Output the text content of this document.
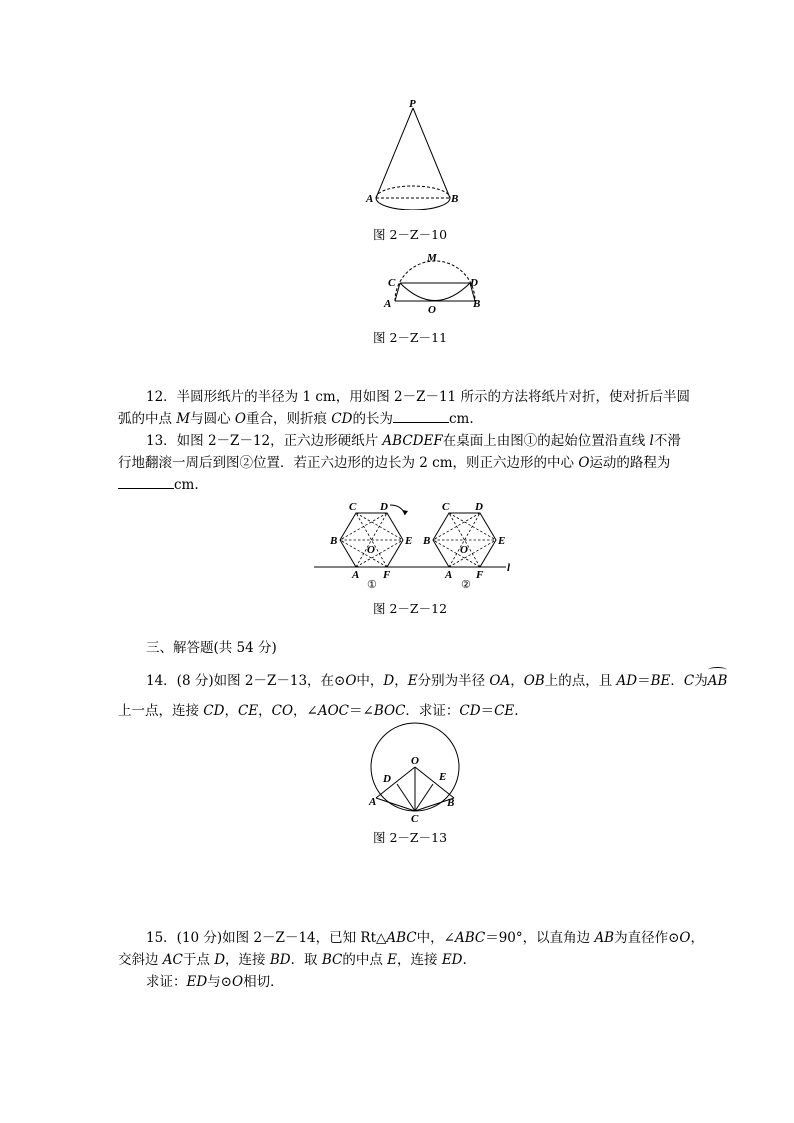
P
A	B
图 2－Z－10
M
C	D
A	O	B
图 2－Z－11
12．半圆形纸片的半径为 1 cm，用如图 2－Z－11 所示的方法将纸片对折，使对折后半圆
弧的中点 M与圆心 O重合，则折痕 CD的长为	cm.
13．如图 2－Z－12，正六边形硬纸片 ABCDEF在桌面上由图①的起始位置沿直线 l不滑
行地翻滚一周后到图②位置．若正六边形的边长为 2 cm，则正六边形的中心 O运动的路程为
cm.
C D
B	E
O
A F
①
C D
B	E
O
A F
②
l
图 2－Z－12
三、解答题(共 54 分)
14．(8 分)如图 2－Z－13，在⊙O中，D，E分别为半径 OA，OB上的点，且 AD＝BE．C为AB
上一点，连接 CD，CE，CO，∠AOC＝∠BOC．求证：CD＝CE.
O
D	E
A	B
C
图 2－Z－13
15．(10 分)如图 2－Z－14，已知 Rt△ABC中，∠ABC＝90°，以直角边 AB为直径作⊙O，
交斜边 AC于点 D，连接 BD．取 BC的中点 E，连接 ED.
求证：ED与⊙O相切．
